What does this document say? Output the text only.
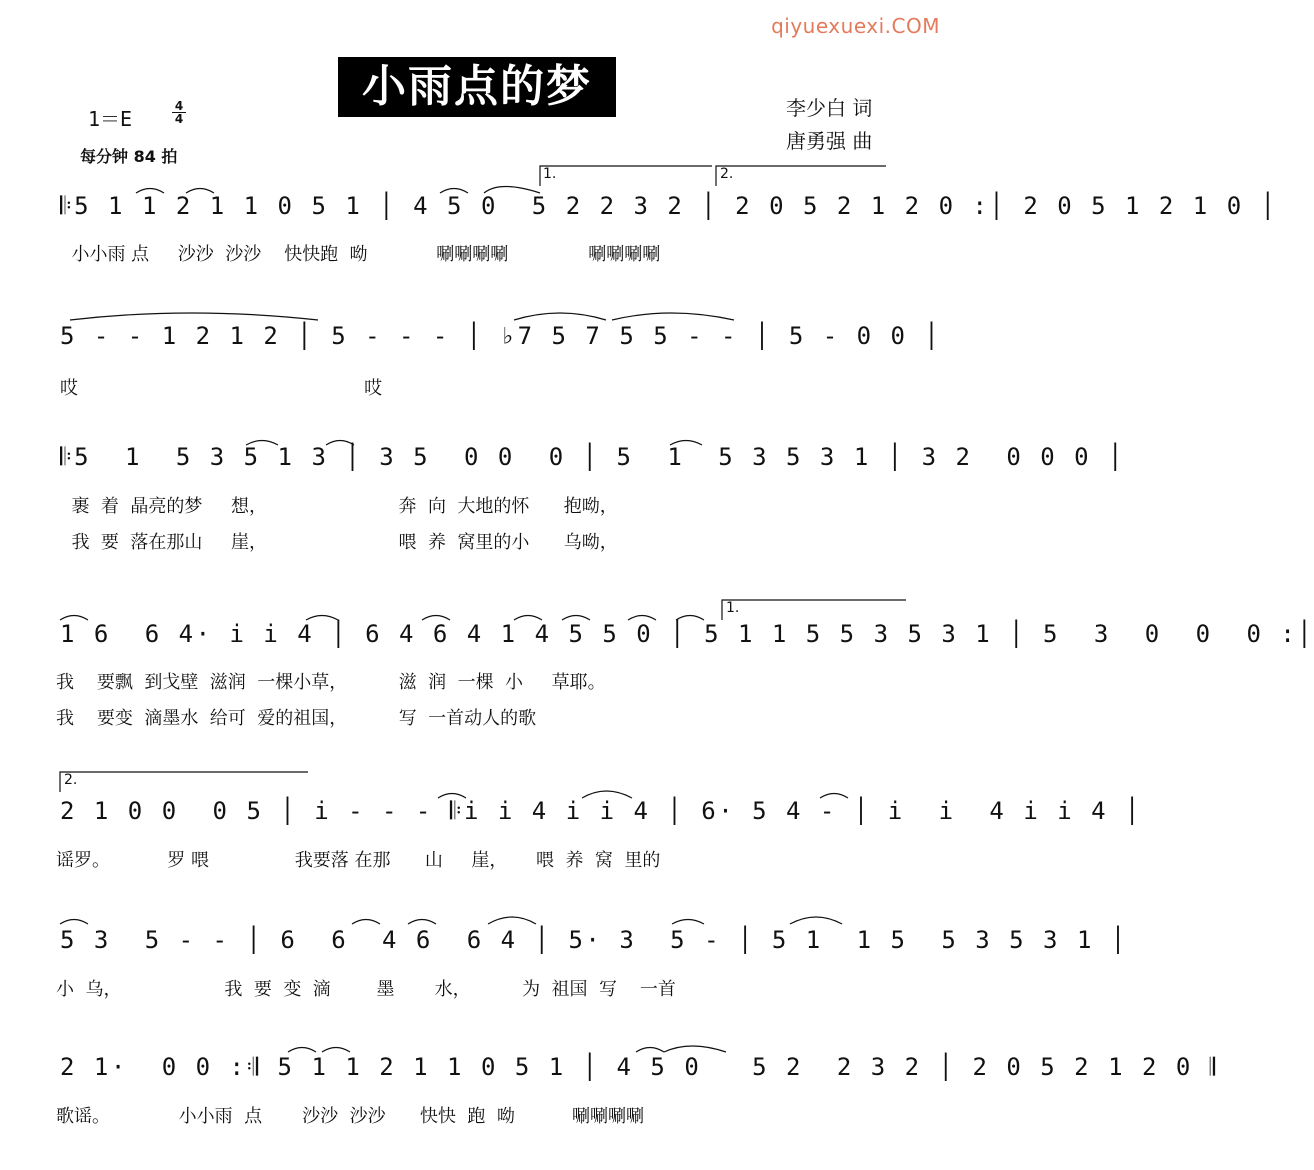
qiyuexuexi.COM
小雨点的梦
1＝E
4
4
每分钟 84 拍
李少白 词
唐勇强 曲
𝄆5 1 1 2 1 1 0 5 1 │ 4 5 0  5 2 2 3 2 │ 2 0 5 2 1 2 0 :│ 2 0 5 1 2 1 0 │
小小雨 点     沙沙  沙沙    快快跑  呦            唰唰唰唰              唰唰唰唰
5 - - 1 2 1 2 │ 5 - - - │ ♭7 5 7 5 5 - - │ 5 - 0 0 │
哎                                                  哎
𝄆5  1  5 3 5 1 3 │ 3 5  0 0  0 │ 5  1  5 3 5 3 1 │ 3 2  0 0 0 │
裹  着  晶亮的梦     想，                       奔  向  大地的怀      抱呦，
我  要  落在那山     崖，                       喂  养  窝里的小      乌呦，
1 6  6 4· i i 4 │ 6 4 6 4 1 4 5 5 0 │ 5 1 1 5 5 3 5 3 1 │ 5  3  0  0  0 :│
我    要飘  到戈壁  滋润  一棵小草，         滋  润  一棵  小     草耶。
我    要变  滴墨水  给可  爱的祖国，         写  一首动人的歌
2 1 0 0  0 5 │ i - - - 𝄆i i 4 i i 4 │ 6· 5 4 - │ i  i  4 i i 4 │
谣罗。          罗 喂               我要落 在那      山     崖，     喂  养  窝  里的
5 3  5 - - │ 6  6  4 6  6 4 │ 5· 3  5 - │ 5 1  1 5  5 3 5 3 1 │
小  乌，                  我  要  变  滴        墨       水，         为  祖国  写    一首
2 1·  0 0 :𝄇 5 1 1 2 1 1 0 5 1 │ 4 5 0   5 2  2 3 2 │ 2 0 5 2 1 2 0 𝄂
歌谣。            小小雨  点       沙沙  沙沙      快快  跑  呦          唰唰唰唰
1.	2.
1.
2.
